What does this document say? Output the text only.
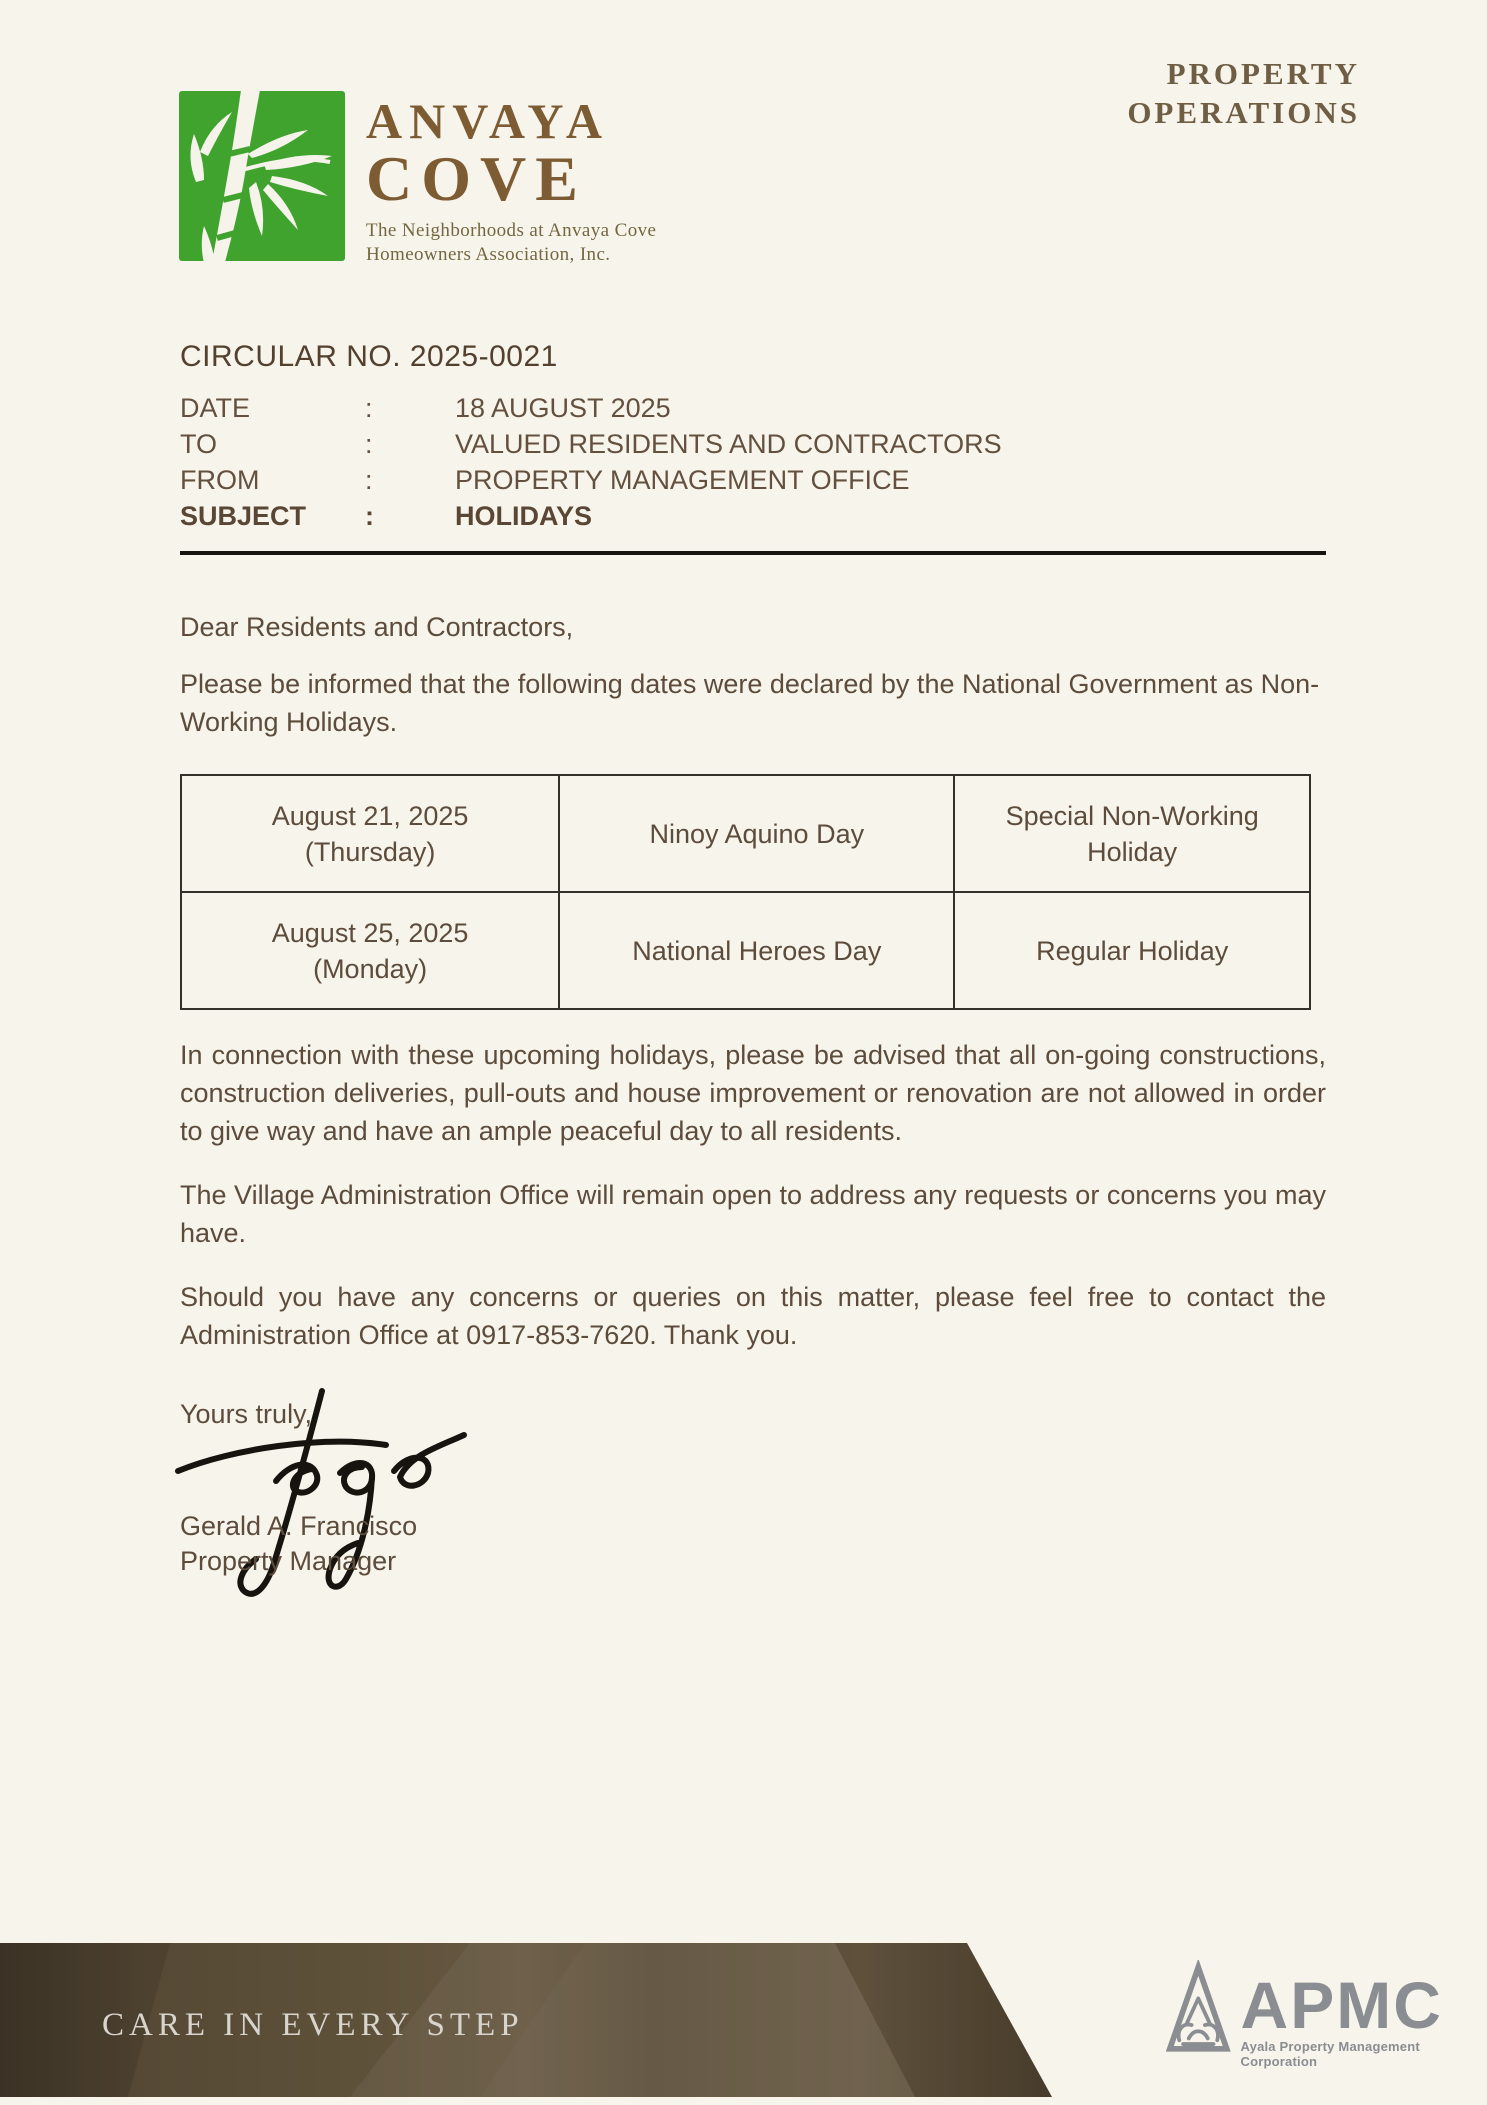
ANVAYA
COVE
The Neighborhoods at Anvaya Cove
Homeowners Association, Inc.
PROPERTY
OPERATIONS
CIRCULAR NO. 2025-0021
DATE	:	18 AUGUST 2025
TO	:	VALUED RESIDENTS AND CONTRACTORS
FROM	:	PROPERTY MANAGEMENT OFFICE
SUBJECT	:	HOLIDAYS
Dear Residents and Contractors,
Please be informed that the following dates were declared by the National Government as Non-Working Holidays.
August 21, 2025
(Thursday)	Ninoy Aquino Day	Special Non-Working Holiday

August 25, 2025
(Monday)	National Heroes Day	Regular Holiday
In connection with these upcoming holidays, please be advised that all on-going constructions, construction deliveries, pull-outs and house improvement or renovation are not allowed in order to give way and have an ample peaceful day to all residents.
The Village Administration Office will remain open to address any requests or concerns you may have.
Should you have any concerns or queries on this matter, please feel free to contact the Administration Office at 0917-853-7620. Thank you.
Yours truly,
Gerald A. Francisco
Property Manager
CARE IN EVERY STEP	APMC
Ayala Property Management Corporation
